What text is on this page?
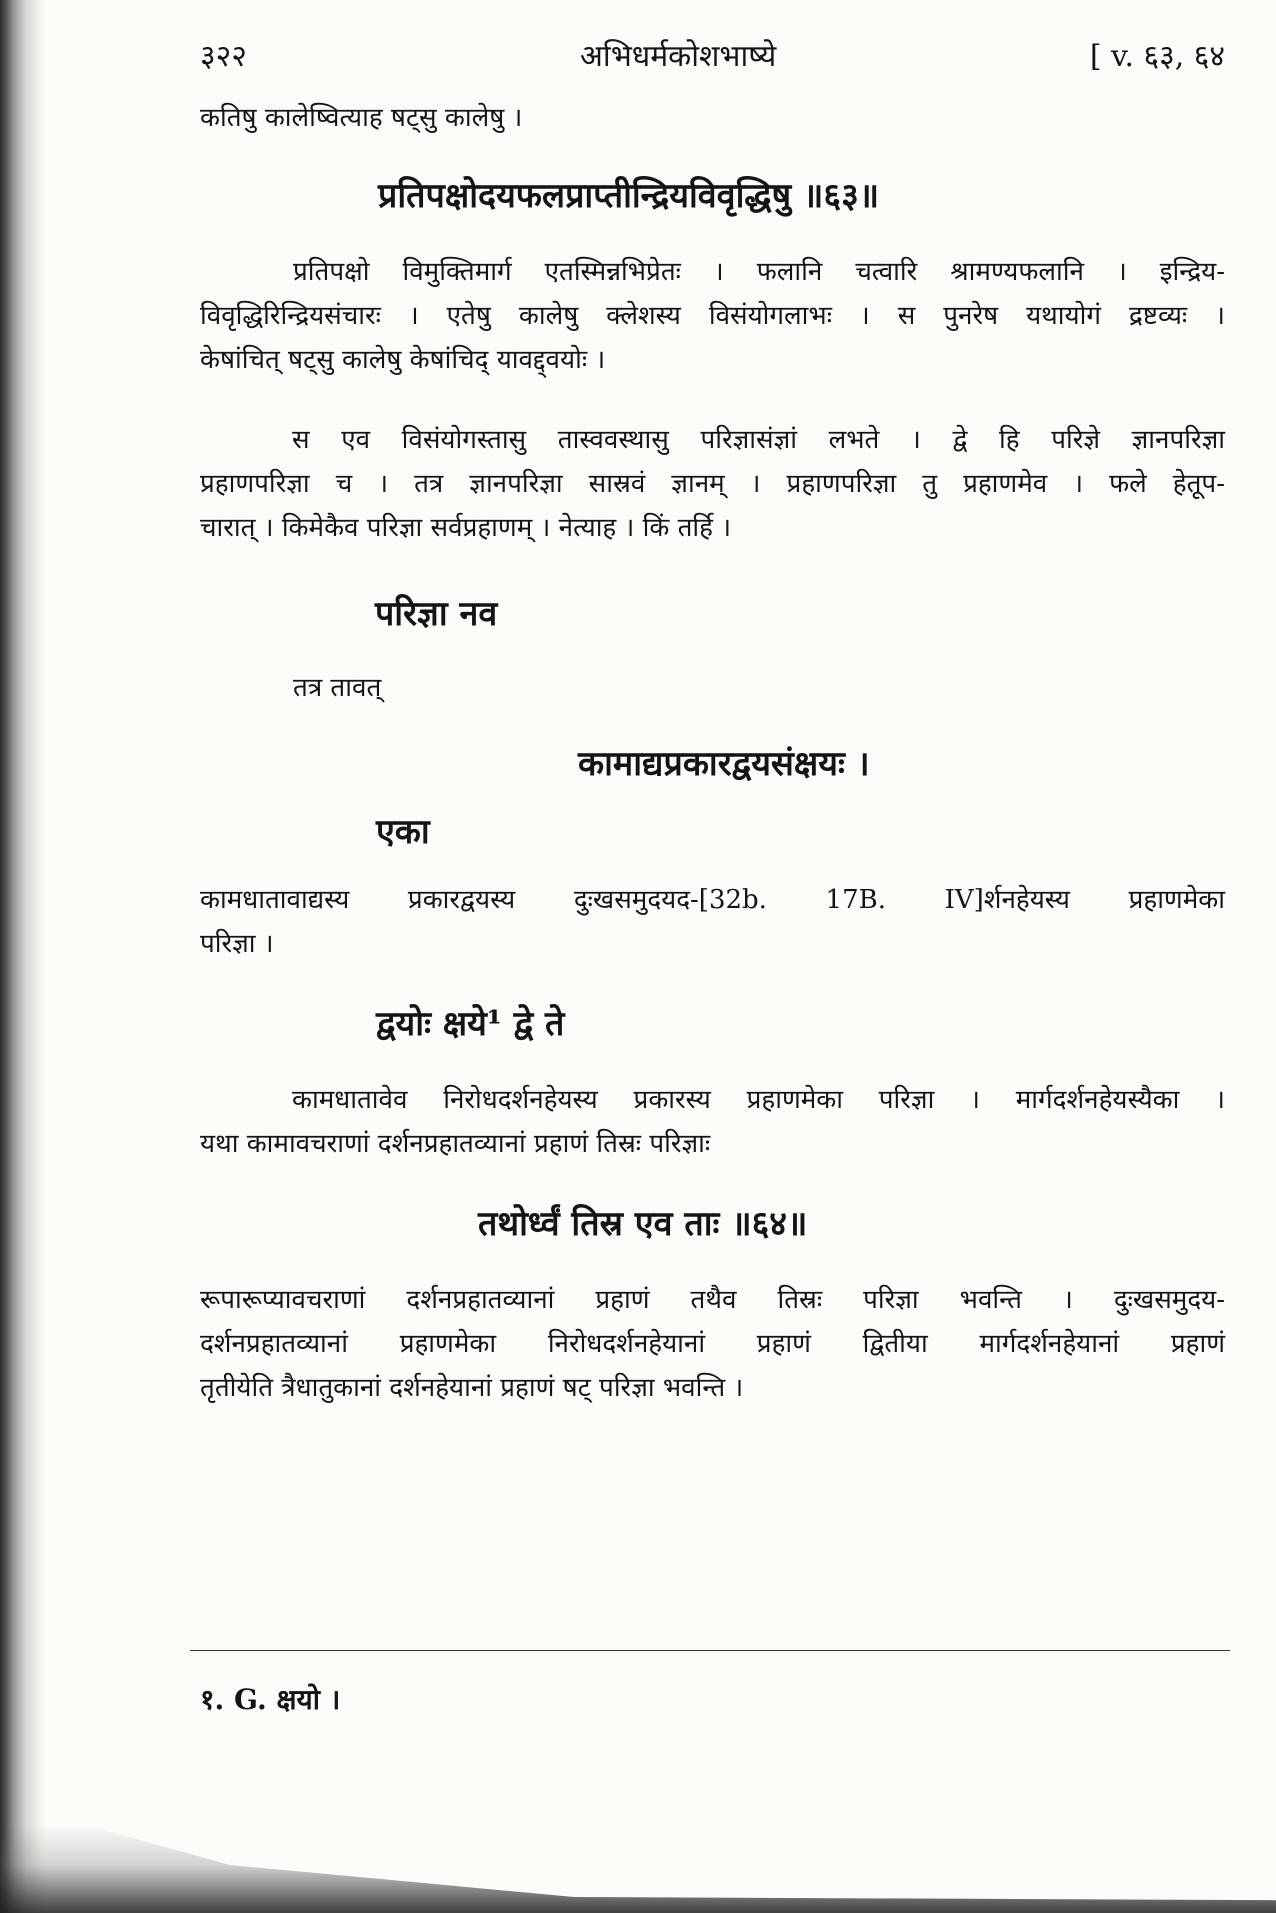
३२२	अभिधर्मकोशभाष्ये	[ v. ६३, ६४
कतिषु कालेष्वित्याह षट्सु कालेषु ।
प्रतिपक्षोदयफलप्राप्तीन्द्रियविवृद्धिषु ॥६३॥
प्रतिपक्षो विमुक्तिमार्ग एतस्मिन्नभिप्रेतः । फलानि चत्वारि श्रामण्यफलानि । इन्द्रिय-
विवृद्धिरिन्द्रियसंचारः । एतेषु कालेषु क्लेशस्य विसंयोगलाभः । स पुनरेष यथायोगं द्रष्टव्यः ।
केषांचित् षट्सु कालेषु केषांचिद् यावद्द्वयोः ।
स एव विसंयोगस्तासु तास्ववस्थासु परिज्ञासंज्ञां लभते । द्वे हि परिज्ञे ज्ञानपरिज्ञा
प्रहाणपरिज्ञा च । तत्र ज्ञानपरिज्ञा सास्रवं ज्ञानम् । प्रहाणपरिज्ञा तु प्रहाणमेव । फले हेतूप-
चारात् । किमेकैव परिज्ञा सर्वप्रहाणम् । नेत्याह । किं तर्हि ।
परिज्ञा नव
तत्र तावत्
कामाद्यप्रकारद्वयसंक्षयः ।
एका
कामधातावाद्यस्य प्रकारद्वयस्य दुःखसमुदयद-[32b. 17B. IV]र्शनहेयस्य प्रहाणमेका
परिज्ञा ।
द्वयोः क्षये¹ द्वे ते
कामधातावेव निरोधदर्शनहेयस्य प्रकारस्य प्रहाणमेका परिज्ञा । मार्गदर्शनहेयस्यैका ।
यथा कामावचराणां दर्शनप्रहातव्यानां प्रहाणं तिस्रः परिज्ञाः
तथोर्ध्वं तिस्र एव ताः ॥६४॥
रूपारूप्यावचराणां दर्शनप्रहातव्यानां प्रहाणं तथैव तिस्रः परिज्ञा भवन्ति । दुःखसमुदय-
दर्शनप्रहातव्यानां प्रहाणमेका निरोधदर्शनहेयानां प्रहाणं द्वितीया मार्गदर्शनहेयानां प्रहाणं
तृतीयेति त्रैधातुकानां दर्शनहेयानां प्रहाणं षट् परिज्ञा भवन्ति ।
१. G. क्षयो ।
